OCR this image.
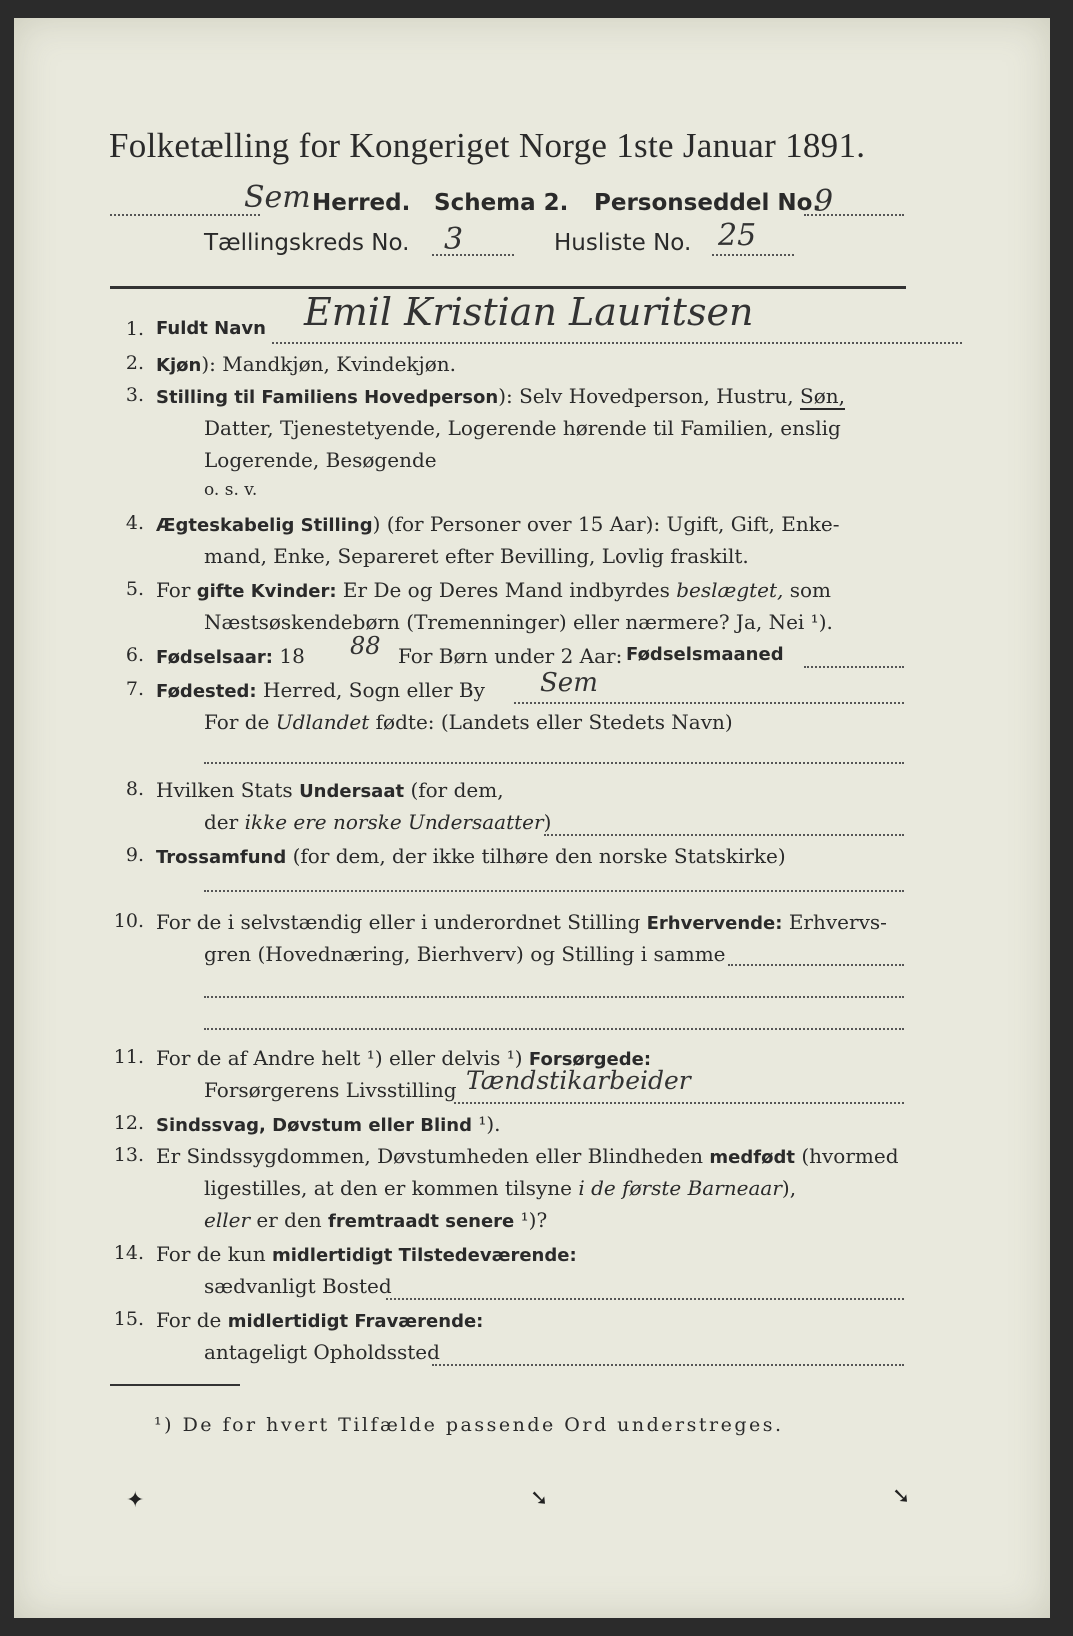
Folketælling for Kongeriget Norge 1ste Januar 1891.
Sem Herred. Schema 2. Personseddel No.
9
Tællingskreds No. 3	Husliste No. 25
1. Fuldt Navn Emil Kristian Lauritsen
2. Kjøn): Mandkjøn, Kvindekjøn.
3. Stilling til Familiens Hovedperson): Selv Hovedperson, Hustru, Søn,
Datter, Tjenestetyende, Logerende hørende til Familien, enslig
Logerende, Besøgende
o. s. v.
4. Ægteskabelig Stilling) (for Personer over 15 Aar): Ugift, Gift, Enke-
mand, Enke, Separeret efter Bevilling, Lovlig fraskilt.
5. For gifte Kvinder: Er De og Deres Mand indbyrdes beslægtet, som
Næstsøskendebørn (Tremenninger) eller nærmere? Ja, Nei ¹).
6. Fødselsaar: 18	For Børn under 2 Aar: Fødselsmaaned
88
7. Fødested: Herred, Sogn eller By Sem
For de Udlandet fødte: (Landets eller Stedets Navn)
8. Hvilken Stats Undersaat (for dem,
der ikke ere norske Undersaatter)
9. Trossamfund (for dem, der ikke tilhøre den norske Statskirke)
10. For de i selvstændig eller i underordnet Stilling Erhvervende: Erhvervs-
gren (Hovednæring, Bierhverv) og Stilling i samme
11. For de af Andre helt ¹) eller delvis ¹) Forsørgede:
Forsørgerens Livsstilling Tændstikarbeider
12. Sindssvag, Døvstum eller Blind ¹).
13. Er Sindssygdommen, Døvstumheden eller Blindheden medfødt (hvormed
ligestilles, at den er kommen tilsyne i de første Barneaar),
eller er den fremtraadt senere ¹)?
14. For de kun midlertidigt Tilstedeværende:
sædvanligt Bosted
15. For de midlertidigt Fraværende:
antageligt Opholdssted
¹) De for hvert Tilfælde passende Ord understreges.
✦	➘	➘
